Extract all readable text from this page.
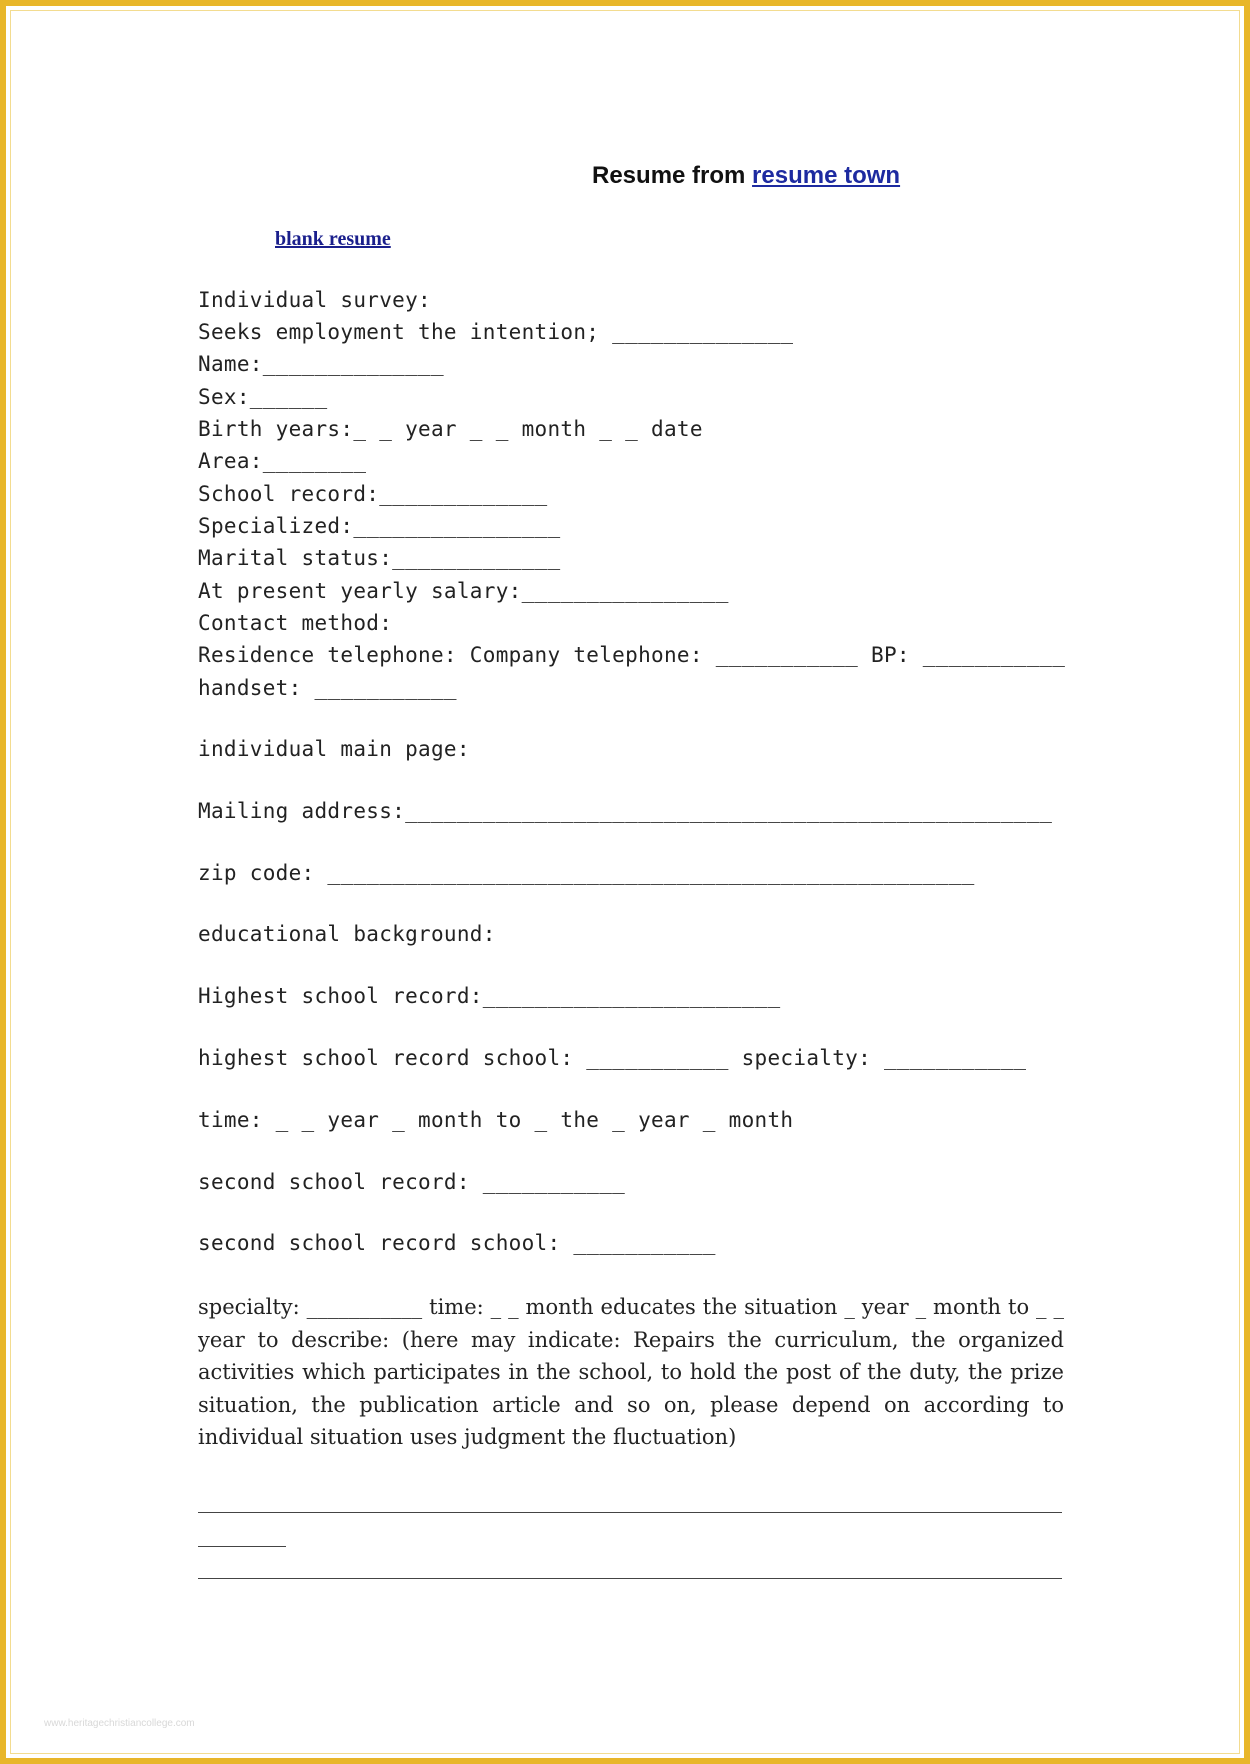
Resume from resume town
blank resume
Individual survey:
Seeks employment the intention; ______________
Name:______________
Sex:______
Birth years:_ _ year _ _ month _ _ date
Area:________
School record:_____________
Specialized:________________
Marital status:_____________
At present yearly salary:________________
Contact method:
Residence telephone: Company telephone: ___________ BP: ___________
handset: ___________
individual main page:
Mailing address:__________________________________________________
zip code: __________________________________________________
educational background:
Highest school record:_______________________
highest school record school: ___________ specialty: ___________
time: _ _ year _ month to _ the _ year _ month
second school record: ___________
second school record school: ___________
specialty: ___________ time: _ _ month educates the situation _ year _ month to _ _ year to describe: (here may indicate: Repairs the curriculum, the organized activities which participates in the school, to hold the post of the duty, the prize situation, the publication article and so on, please depend on according to individual situation uses judgment the fluctuation)
www.heritagechristiancollege.com
